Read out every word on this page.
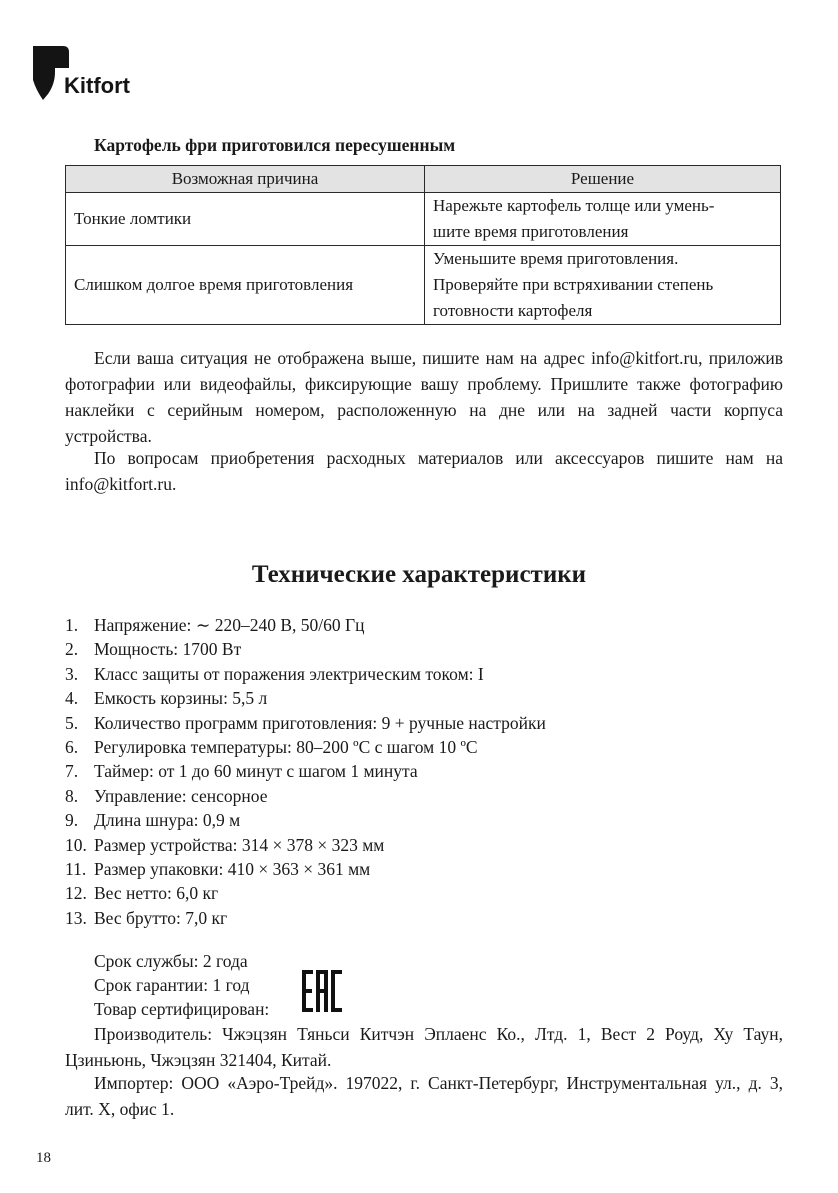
Kitfort
Картофель фри приготовился пересушенным
Возможная причина	Решение
Тонкие ломтики	Нарежьте картофель толще или умень-
шите время приготовления

Слишком долгое время приготовления	Уменьшите время приготовления.
Проверяйте при встряхивании степень
готовности картофеля

Если ваша ситуация не отображена выше, пишите нам на адрес info@kitfort.ru, приложив фотографии или видеофайлы, фиксирующие вашу проблему. Пришлите также фотографию наклейки с серийным номером, расположенную на дне или на задней части корпуса устройства.

По вопросам приобретения расходных материалов или аксессуаров пишите нам на info@kitfort.ru.

Технические характеристики
1. Напряжение: ∼ 220–240 В, 50/60 Гц
2. Мощность: 1700 Вт
3. Класс защиты от поражения электрическим током: I
4. Емкость корзины: 5,5 л
5. Количество программ приготовления: 9 + ручные настройки
6. Регулировка температуры: 80–200 ºС с шагом 10 ºС
7. Таймер: от 1 до 60 минут с шагом 1 минута
8. Управление: сенсорное
9. Длина шнура: 0,9 м
10. Размер устройства: 314 × 378 × 323 мм
11. Размер упаковки: 410 × 363 × 361 мм
12. Вес нетто: 6,0 кг
13. Вес брутто: 7,0 кг

Срок службы: 2 года

Срок гарантии: 1 год

Товар сертифицирован:

Производитель: Чжэцзян Тяньси Китчэн Эплаенс Ко., Лтд. 1, Вест 2 Роуд, Ху Таун, Цзиньюнь, Чжэцзян 321404, Китай.

Импортер: ООО «Аэро-Трейд». 197022, г. Санкт-Петербург, Инструментальная ул., д. 3, лит. Х, офис 1.

18
